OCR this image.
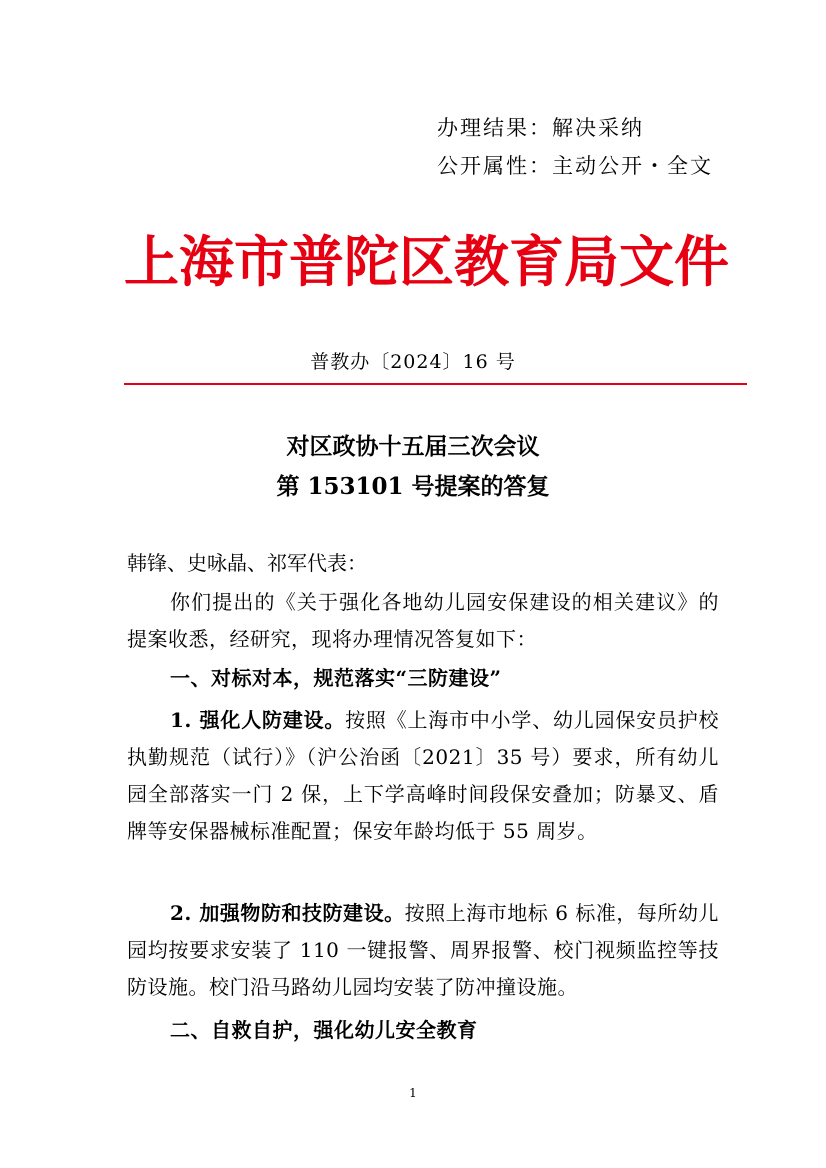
办理结果：解决采纳
公开属性：主动公开・全文
上海市普陀区教育局文件
普教办〔2024〕16 号
对区政协十五届三次会议
第 153101 号提案的答复
韩锋、史咏晶、祁军代表：
你们提出的《关于强化各地幼儿园安保建设的相关建议》的提案收悉，经研究，现将办理情况答复如下：
一、对标对本，规范落实“三防建设”
1. 强化人防建设。按照《上海市中小学、幼儿园保安员护校执勤规范（试行）》（沪公治函〔2021〕35 号）要求，所有幼儿园全部落实一门 2 保，上下学高峰时间段保安叠加；防暴叉、盾牌等安保器械标准配置；保安年龄均低于 55 周岁。
2. 加强物防和技防建设。按照上海市地标 6 标准，每所幼儿园均按要求安装了 110 一键报警、周界报警、校门视频监控等技防设施。校门沿马路幼儿园均安装了防冲撞设施。
二、自救自护，强化幼儿安全教育
1
